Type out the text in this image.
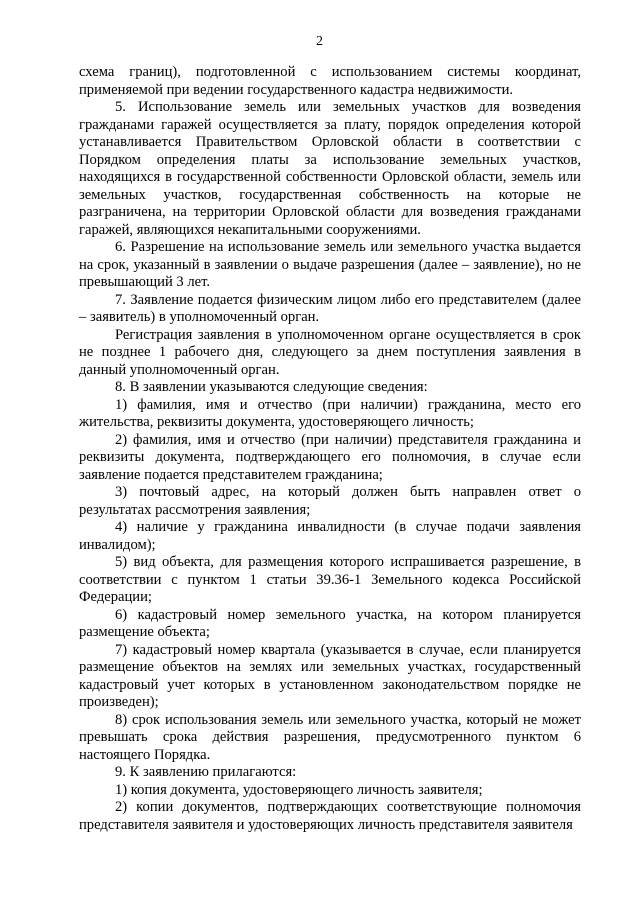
2

схема границ), подготовленной с использованием системы координат, применяемой при ведении государственного кадастра недвижимости.

5. Использование земель или земельных участков для возведения гражданами гаражей осуществляется за плату, порядок определения которой устанавливается Правительством Орловской области в соответствии с Порядком определения платы за использование земельных участков, находящихся в государственной собственности Орловской области, земель или земельных участков, государственная собственность на которые не разграничена, на территории Орловской области для возведения гражданами гаражей, являющихся некапитальными сооружениями.

6. Разрешение на использование земель или земельного участка выдается на срок, указанный в заявлении о выдаче разрешения (далее – заявление), но не превышающий 3 лет.

7. Заявление подается физическим лицом либо его представителем (далее – заявитель) в уполномоченный орган.

Регистрация заявления в уполномоченном органе осуществляется в срок не позднее 1 рабочего дня, следующего за днем поступления заявления в данный уполномоченный орган.

8. В заявлении указываются следующие сведения:

1) фамилия, имя и отчество (при наличии) гражданина, место его жительства, реквизиты документа, удостоверяющего личность;

2) фамилия, имя и отчество (при наличии) представителя гражданина и реквизиты документа, подтверждающего его полномочия, в случае если заявление подается представителем гражданина;

3) почтовый адрес, на который должен быть направлен ответ о результатах рассмотрения заявления;

4) наличие у гражданина инвалидности (в случае подачи заявления инвалидом);

5) вид объекта, для размещения которого испрашивается разрешение, в соответствии с пунктом 1 статьи 39.36-1 Земельного кодекса Российской Федерации;

6) кадастровый номер земельного участка, на котором планируется размещение объекта;

7) кадастровый номер квартала (указывается в случае, если планируется размещение объектов на землях или земельных участках, государственный кадастровый учет которых в установленном законодательством порядке не произведен);

8) срок использования земель или земельного участка, который не может превышать срока действия разрешения, предусмотренного пунктом 6 настоящего Порядка.

9. К заявлению прилагаются:

1) копия документа, удостоверяющего личность заявителя;

2) копии документов, подтверждающих соответствующие полномочия представителя заявителя и удостоверяющих личность представителя заявителя
